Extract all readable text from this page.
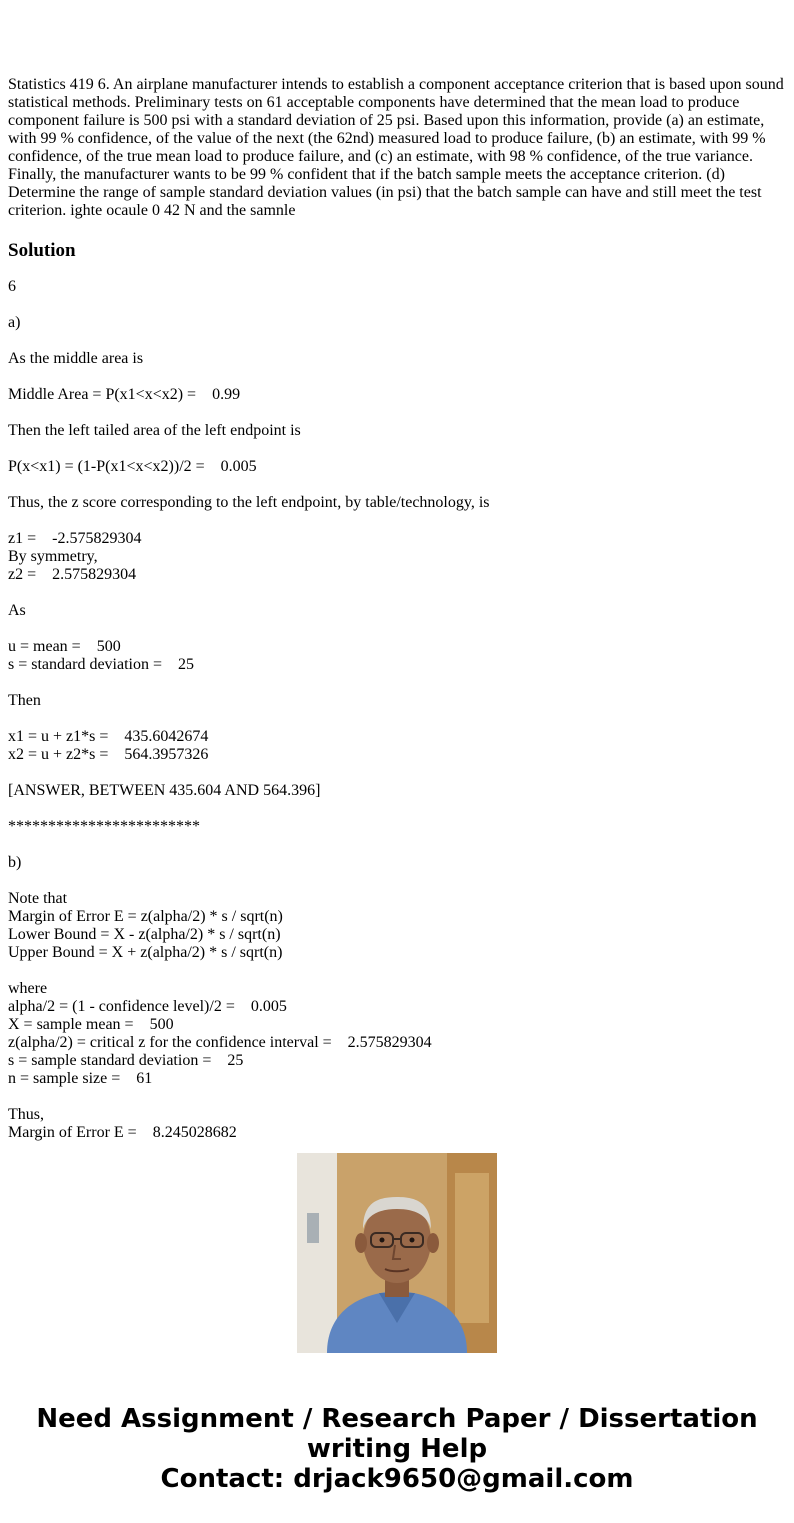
Statistics 419 6. An airplane manufacturer intends to establish a component acceptance criterion that is based upon sound statistical methods. Preliminary tests on 61 acceptable components have determined that the mean load to produce component failure is 500 psi with a standard deviation of 25 psi. Based upon this information, provide (a) an estimate, with 99 % confidence, of the value of the next (the 62nd) measured load to produce failure, (b) an estimate, with 99 % confidence, of the true mean load to produce failure, and (c) an estimate, with 98 % confidence, of the true variance. Finally, the manufacturer wants to be 99 % confident that if the batch sample meets the acceptance criterion. (d) Determine the range of sample standard deviation values (in psi) that the batch sample can have and still meet the test criterion. ighte ocaule 0 42 N and the samnle

Solution

6

a)

As the middle area is

Middle Area = P(x1<x<x2) =    0.99

Then the left tailed area of the left endpoint is

P(x<x1) = (1-P(x1<x<x2))/2 =    0.005

Thus, the z score corresponding to the left endpoint, by table/technology, is

z1 =    -2.575829304
By symmetry,
z2 =    2.575829304

As

u = mean =    500
s = standard deviation =    25

Then

x1 = u + z1*s =    435.6042674
x2 = u + z2*s =    564.3957326

[ANSWER, BETWEEN 435.604 AND 564.396]

************************

b)

Note that
Margin of Error E = z(alpha/2) * s / sqrt(n)
Lower Bound = X - z(alpha/2) * s / sqrt(n)
Upper Bound = X + z(alpha/2) * s / sqrt(n)

where
alpha/2 = (1 - confidence level)/2 =    0.005
X = sample mean =    500
z(alpha/2) = critical z for the confidence interval =    2.575829304
s = sample standard deviation =    25
n = sample size =    61

Thus,
Margin of Error E =    8.245028682

Need Assignment / Research Paper / Dissertation
writing Help
Contact: drjack9650@gmail.com
